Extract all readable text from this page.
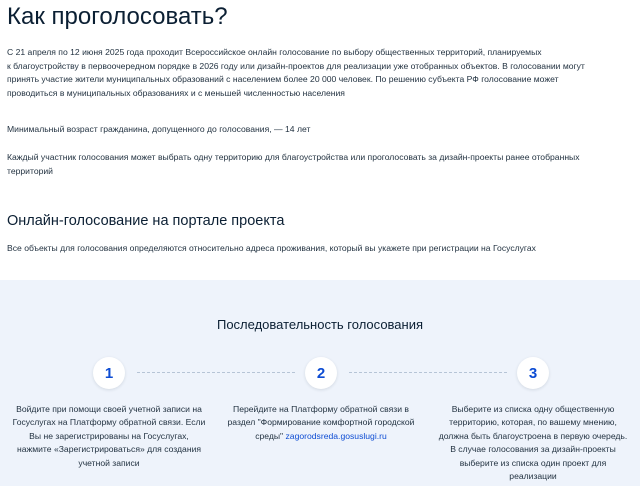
Как проголосовать?
С 21 апреля по 12 июня 2025 года проходит Всероссийское онлайн голосование по выбору общественных территорий, планируемых
к благоустройству в первоочередном порядке в 2026 году или дизайн-проектов для реализации уже отобранных объектов. В голосовании могут
принять участие жители муниципальных образований с населением более 20 000 человек. По решению субъекта РФ голосование может
проводиться в муниципальных образованиях и с меньшей численностью населения
Минимальный возраст гражданина, допущенного до голосования, — 14 лет
Каждый участник голосования может выбрать одну территорию для благоустройства или проголосовать за дизайн-проекты ранее отобранных
территорий
Онлайн-голосование на портале проекта
Все объекты для голосования определяются относительно адреса проживания, который вы укажете при регистрации на Госуслугах
Последовательность голосования
1	2	3
Войдите при помощи своей учетной записи на
Госуслугах на Платформу обратной связи. Если
Вы не зарегистрированы на Госуслугах,
нажмите «Зарегистрироваться» для создания
учетной записи
Перейдите на Платформу обратной связи в
раздел "Формирование комфортной городской
среды" zagorodsreda.gosuslugi.ru
Выберите из списка одну общественную
территорию, которая, по вашему мнению,
должна быть благоустроена в первую очередь.
В случае голосования за дизайн-проекты
выберите из списка один проект для
реализации
